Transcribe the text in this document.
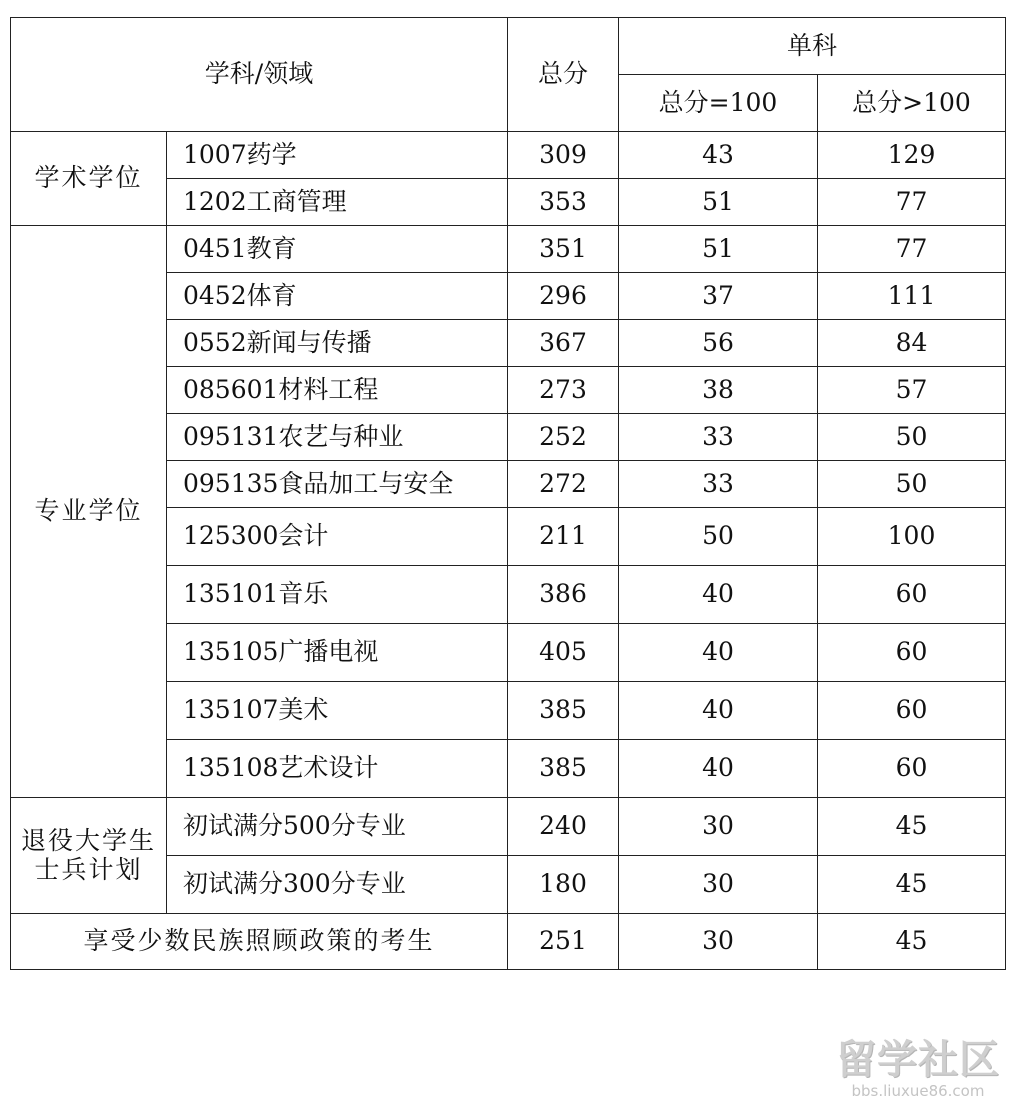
学科/领域		总分	单科	
			总分=100	总分>100
学术学位	1007药学	309	43	129
	1202工商管理	353	51	77
专业学位	0451教育	351	51	77
	0452体育	296	37	111
	0552新闻与传播	367	56	84
	085601材料工程	273	38	57
	095131农艺与种业	252	33	50
	095135食品加工与安全	272	33	50
	125300会计	211	50	100
	135101音乐	386	40	60
	135105广播电视	405	40	60
	135107美术	385	40	60
	135108艺术设计	385	40	60
退役大学生士兵计划	初试满分500分专业	240	30	45
	初试满分300分专业	180	30	45
享受少数民族照顾政策的考生		251	30	45
留学社区
bbs.liuxue86.com
